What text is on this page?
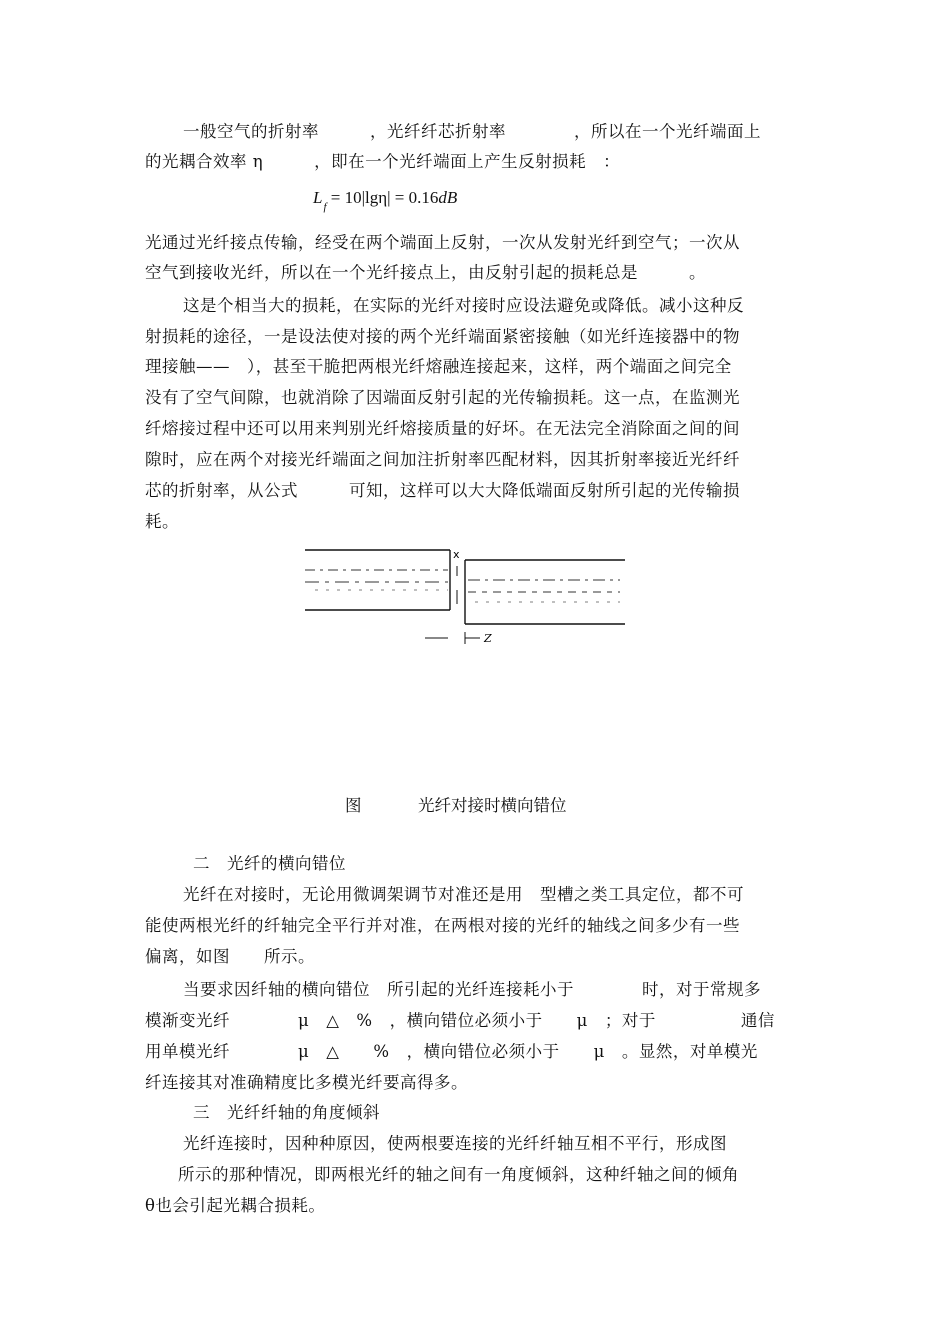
一般空气的折射率　　　，光纤纤芯折射率　　　　，所以在一个光纤端面上
的光耦合效率 η　　　，即在一个光纤端面上产生反射损耗　：
$L_f = 10|\lg\eta| = 0.16dB$
光通过光纤接点传输，经受在两个端面上反射，一次从发射光纤到空气；一次从
空气到接收光纤，所以在一个光纤接点上，由反射引起的损耗总是　　　。
这是个相当大的损耗，在实际的光纤对接时应设法避免或降低。减小这种反
射损耗的途径，一是设法使对接的两个光纤端面紧密接触（如光纤连接器中的物
理接触——　），甚至干脆把两根光纤熔融连接起来，这样，两个端面之间完全
没有了空气间隙，也就消除了因端面反射引起的光传输损耗。这一点，在监测光
纤熔接过程中还可以用来判别光纤熔接质量的好坏。在无法完全消除面之间的间
隙时，应在两个对接光纤端面之间加注折射率匹配材料，因其折射率接近光纤纤
芯的折射率，从公式　　　可知，这样可以大大降低端面反射所引起的光传输损
耗。
x
Z
图	光纤对接时横向错位
二　光纤的横向错位
光纤在对接时，无论用微调架调节对准还是用　型槽之类工具定位，都不可
能使两根光纤的纤轴完全平行并对准，在两根对接的光纤的轴线之间多少有一些
偏离，如图　　所示。
当要求因纤轴的横向错位　所引起的光纤连接耗小于　　　　时，对于常规多
模渐变光纤　　　　μ　△　%　，横向错位必须小于　　μ　；对于　　　　　通信
用单模光纤　　　　μ　△　　%　，横向错位必须小于　　μ　。显然，对单模光
纤连接其对准确精度比多模光纤要高得多。
三　光纤纤轴的角度倾斜
光纤连接时，因种种原因，使两根要连接的光纤纤轴互相不平行，形成图
所示的那种情况，即两根光纤的轴之间有一角度倾斜，这种纤轴之间的倾角
θ也会引起光耦合损耗。
